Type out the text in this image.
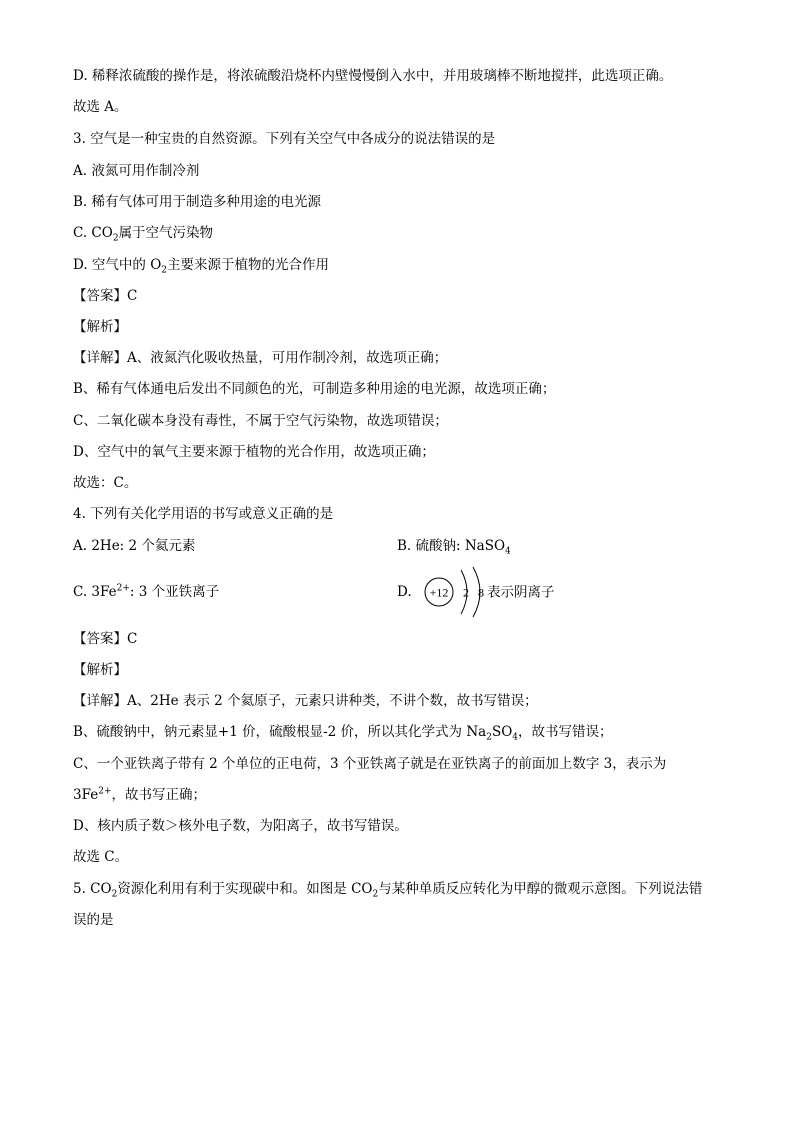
D. 稀释浓硫酸的操作是，将浓硫酸沿烧杯内壁慢慢倒入水中，并用玻璃棒不断地搅拌，此选项正确。
故选 A。
3. 空气是一种宝贵的自然资源。下列有关空气中各成分的说法错误的是
A. 液氮可用作制冷剂
B. 稀有气体可用于制造多种用途的电光源
C. $CO_2$属于空气污染物
D. 空气中的 $O_2$主要来源于植物的光合作用
【答案】C
【解析】
【详解】A、液氮汽化吸收热量，可用作制冷剂，故选项正确；
B、稀有气体通电后发出不同颜色的光，可制造多种用途的电光源，故选项正确；
C、二氧化碳本身没有毒性，不属于空气污染物，故选项错误；
D、空气中的氧气主要来源于植物的光合作用，故选项正确；
故选：C。
4. 下列有关化学用语的书写或意义正确的是
A. 2He: 2 个氦元素	B. 硫酸钠: NaSO$_4$
C. $3Fe^{2+}$: 3 个亚铁离子	D. +12 2 8 表示阴离子
【答案】C
【解析】
【详解】A、2He 表示 2 个氦原子，元素只讲种类，不讲个数，故书写错误；
B、硫酸钠中，钠元素显+1 价，硫酸根显-2 价，所以其化学式为 $Na_2SO_4$，故书写错误；
C、一个亚铁离子带有 2 个单位的正电荷，3 个亚铁离子就是在亚铁离子的前面加上数字 3，表示为
$3Fe^{2+}$，故书写正确；
D、核内质子数＞核外电子数，为阳离子，故书写错误。
故选 C。
5. $CO_2$资源化利用有利于实现碳中和。如图是 $CO_2$与某种单质反应转化为甲醇的微观示意图。下列说法错
误的是
